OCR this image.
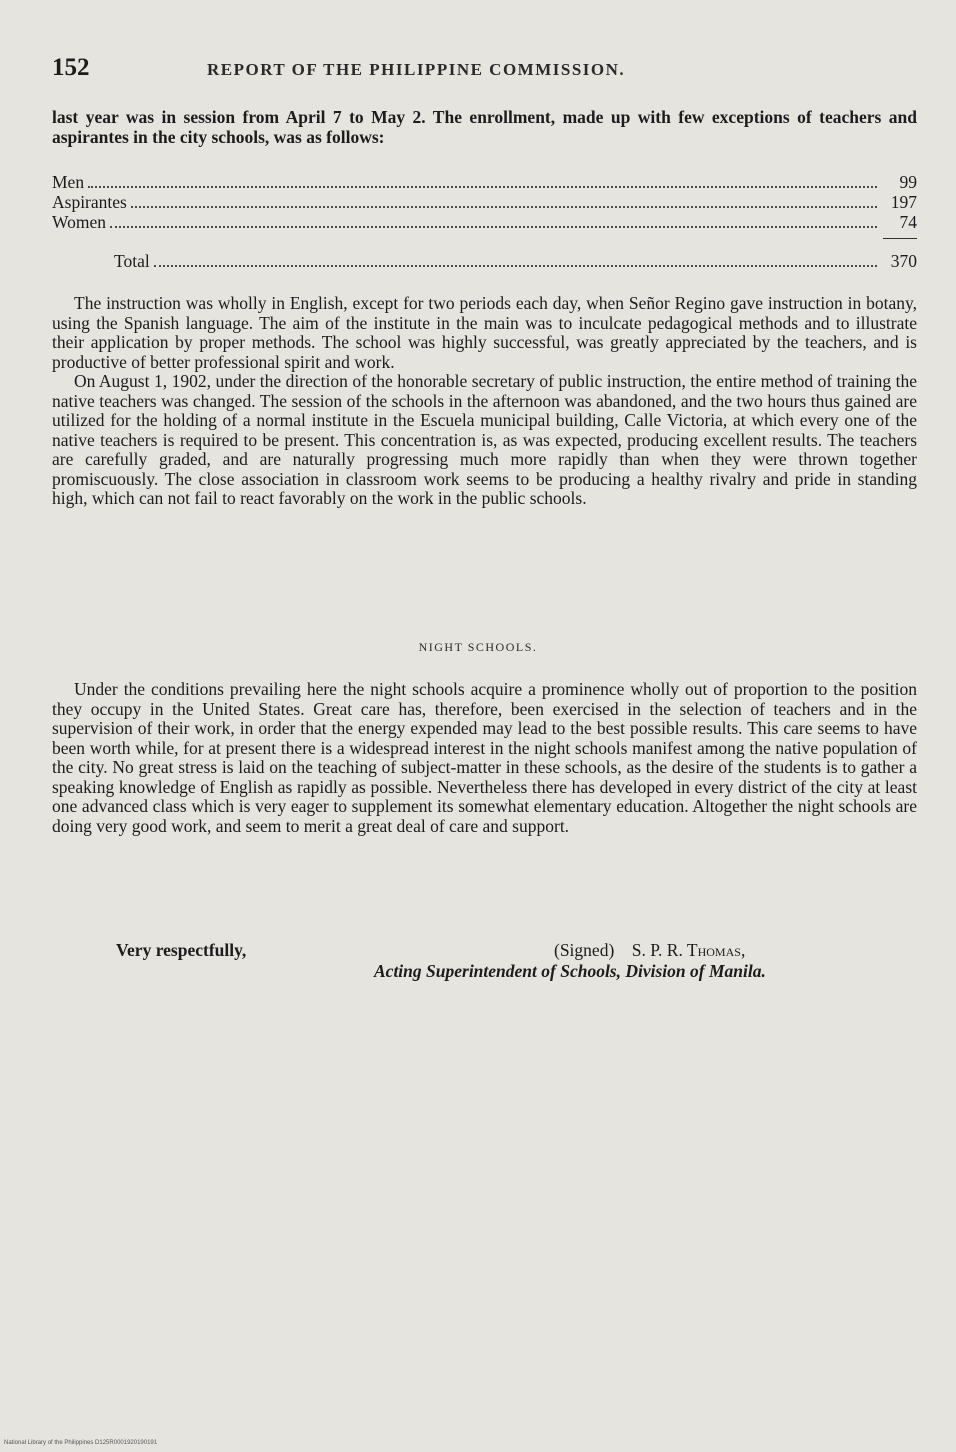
152	REPORT OF THE PHILIPPINE COMMISSION.

last year was in session from April 7 to May 2. The enrollment, made up with few exceptions of teachers and aspirantes in the city schools, was as follows:

Men	99
Aspirantes	197
Women	74
Total	370

The instruction was wholly in English, except for two periods each day, when Señor Regino gave instruction in botany, using the Spanish language. The aim of the institute in the main was to inculcate pedagogical methods and to illustrate their application by proper methods. The school was highly successful, was greatly appreciated by the teachers, and is productive of better professional spirit and work.

On August 1, 1902, under the direction of the honorable secretary of public instruction, the entire method of training the native teachers was changed. The session of the schools in the afternoon was abandoned, and the two hours thus gained are utilized for the holding of a normal institute in the Escuela municipal building, Calle Victoria, at which every one of the native teachers is required to be present. This concentration is, as was expected, producing excellent results. The teachers are carefully graded, and are naturally progressing much more rapidly than when they were thrown together promiscuously. The close association in classroom work seems to be producing a healthy rivalry and pride in standing high, which can not fail to react favorably on the work in the public schools.

NIGHT SCHOOLS.

Under the conditions prevailing here the night schools acquire a prominence wholly out of proportion to the position they occupy in the United States. Great care has, therefore, been exercised in the selection of teachers and in the supervision of their work, in order that the energy expended may lead to the best possible results. This care seems to have been worth while, for at present there is a widespread interest in the night schools manifest among the native population of the city. No great stress is laid on the teaching of subject-matter in these schools, as the desire of the students is to gather a speaking knowledge of English as rapidly as possible. Nevertheless there has developed in every district of the city at least one advanced class which is very eager to supplement its somewhat elementary education. Altogether the night schools are doing very good work, and seem to merit a great deal of care and support.

Very respectfully,	(Signed) S. P. R. Thomas,
Acting Superintendent of Schools, Division of Manila.
National Library of the Philippines D125R0001920190191
